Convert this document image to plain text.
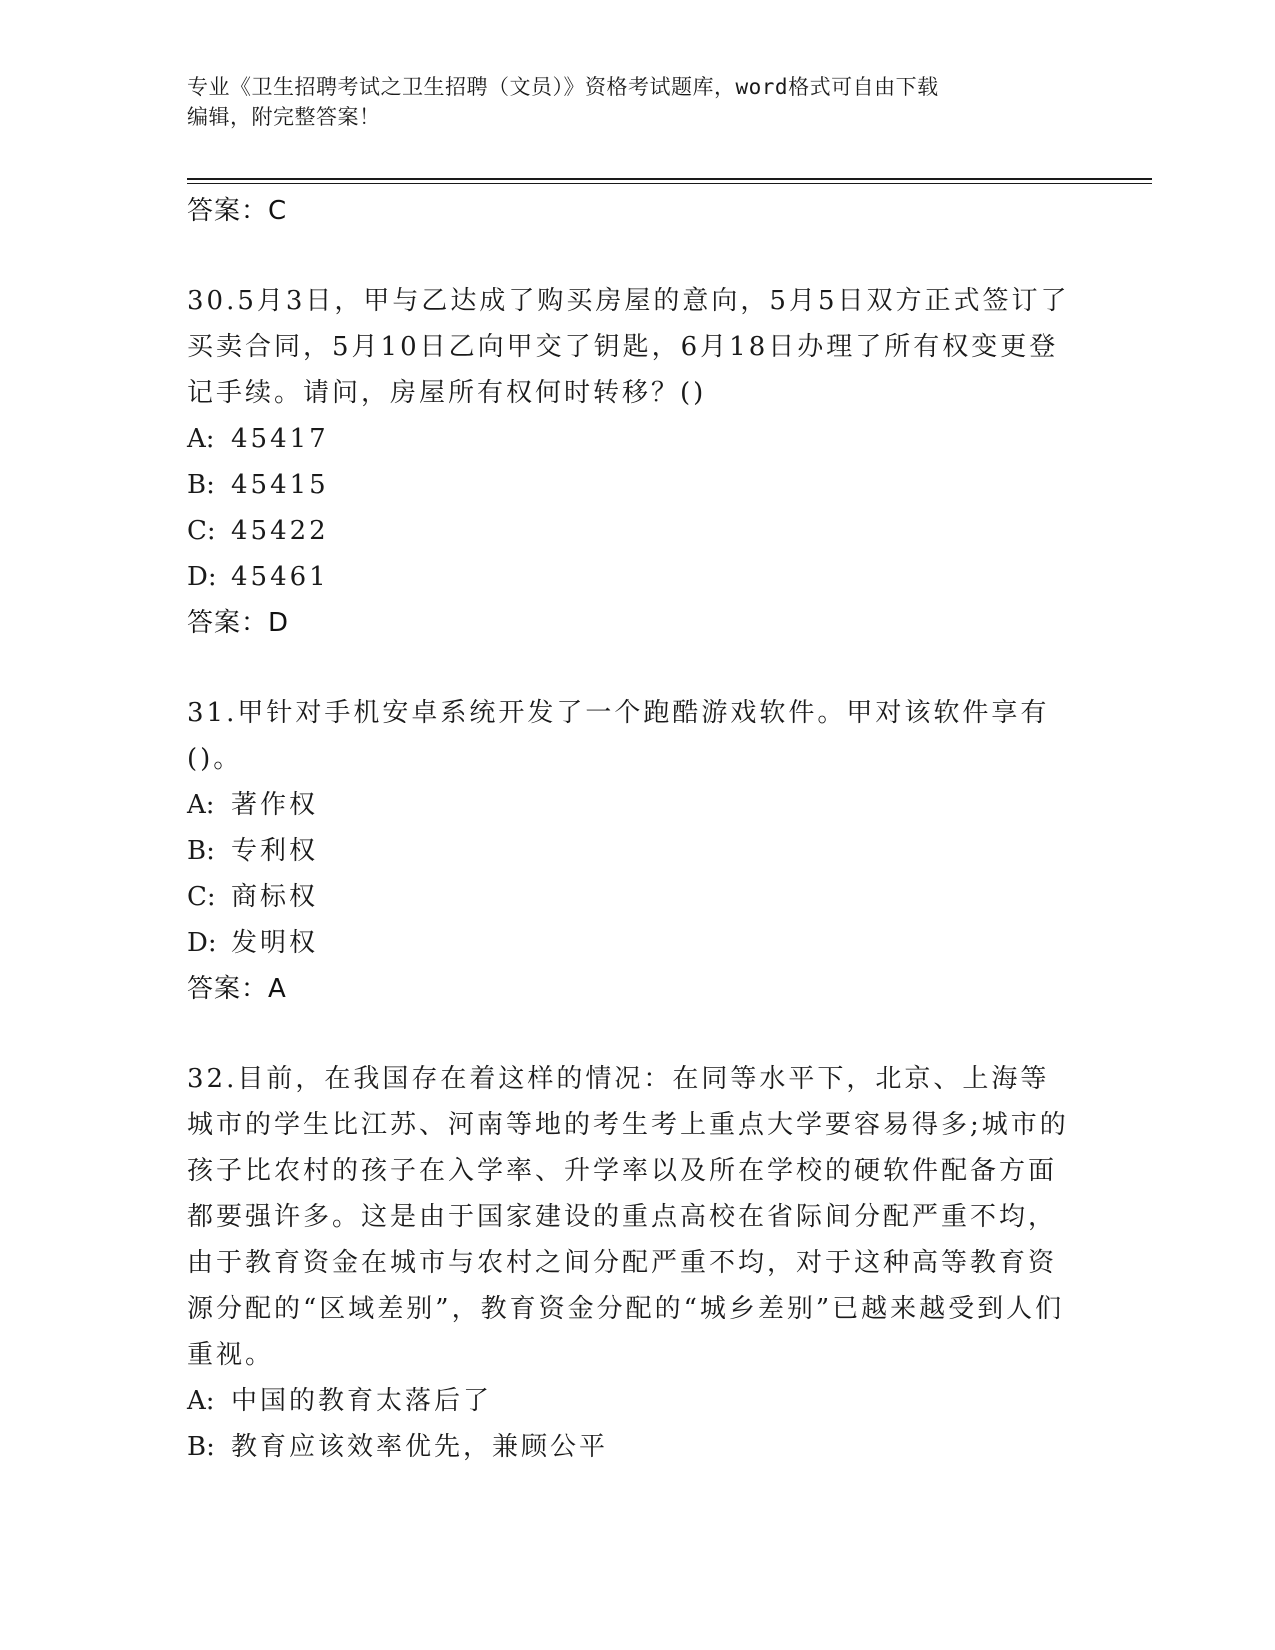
专业《卫生招聘考试之卫生招聘（文员）》资格考试题库，word格式可自由下载
编辑，附完整答案！
答案：C
30.5月3日，甲与乙达成了购买房屋的意向，5月5日双方正式签订了买卖合同，5月10日乙向甲交了钥匙，6月18日办理了所有权变更登记手续。请问，房屋所有权何时转移？()
A: 45417
B: 45415
C: 45422
D: 45461
答案：D
31.甲针对手机安卓系统开发了一个跑酷游戏软件。甲对该软件享有()。
A: 著作权
B: 专利权
C: 商标权
D: 发明权
答案：A
32.目前，在我国存在着这样的情况：在同等水平下，北京、上海等城市的学生比江苏、河南等地的考生考上重点大学要容易得多;城市的孩子比农村的孩子在入学率、升学率以及所在学校的硬软件配备方面都要强许多。这是由于国家建设的重点高校在省际间分配严重不均，由于教育资金在城市与农村之间分配严重不均，对于这种高等教育资源分配的“区域差别”，教育资金分配的“城乡差别”已越来越受到人们重视。
A: 中国的教育太落后了
B: 教育应该效率优先，兼顾公平
